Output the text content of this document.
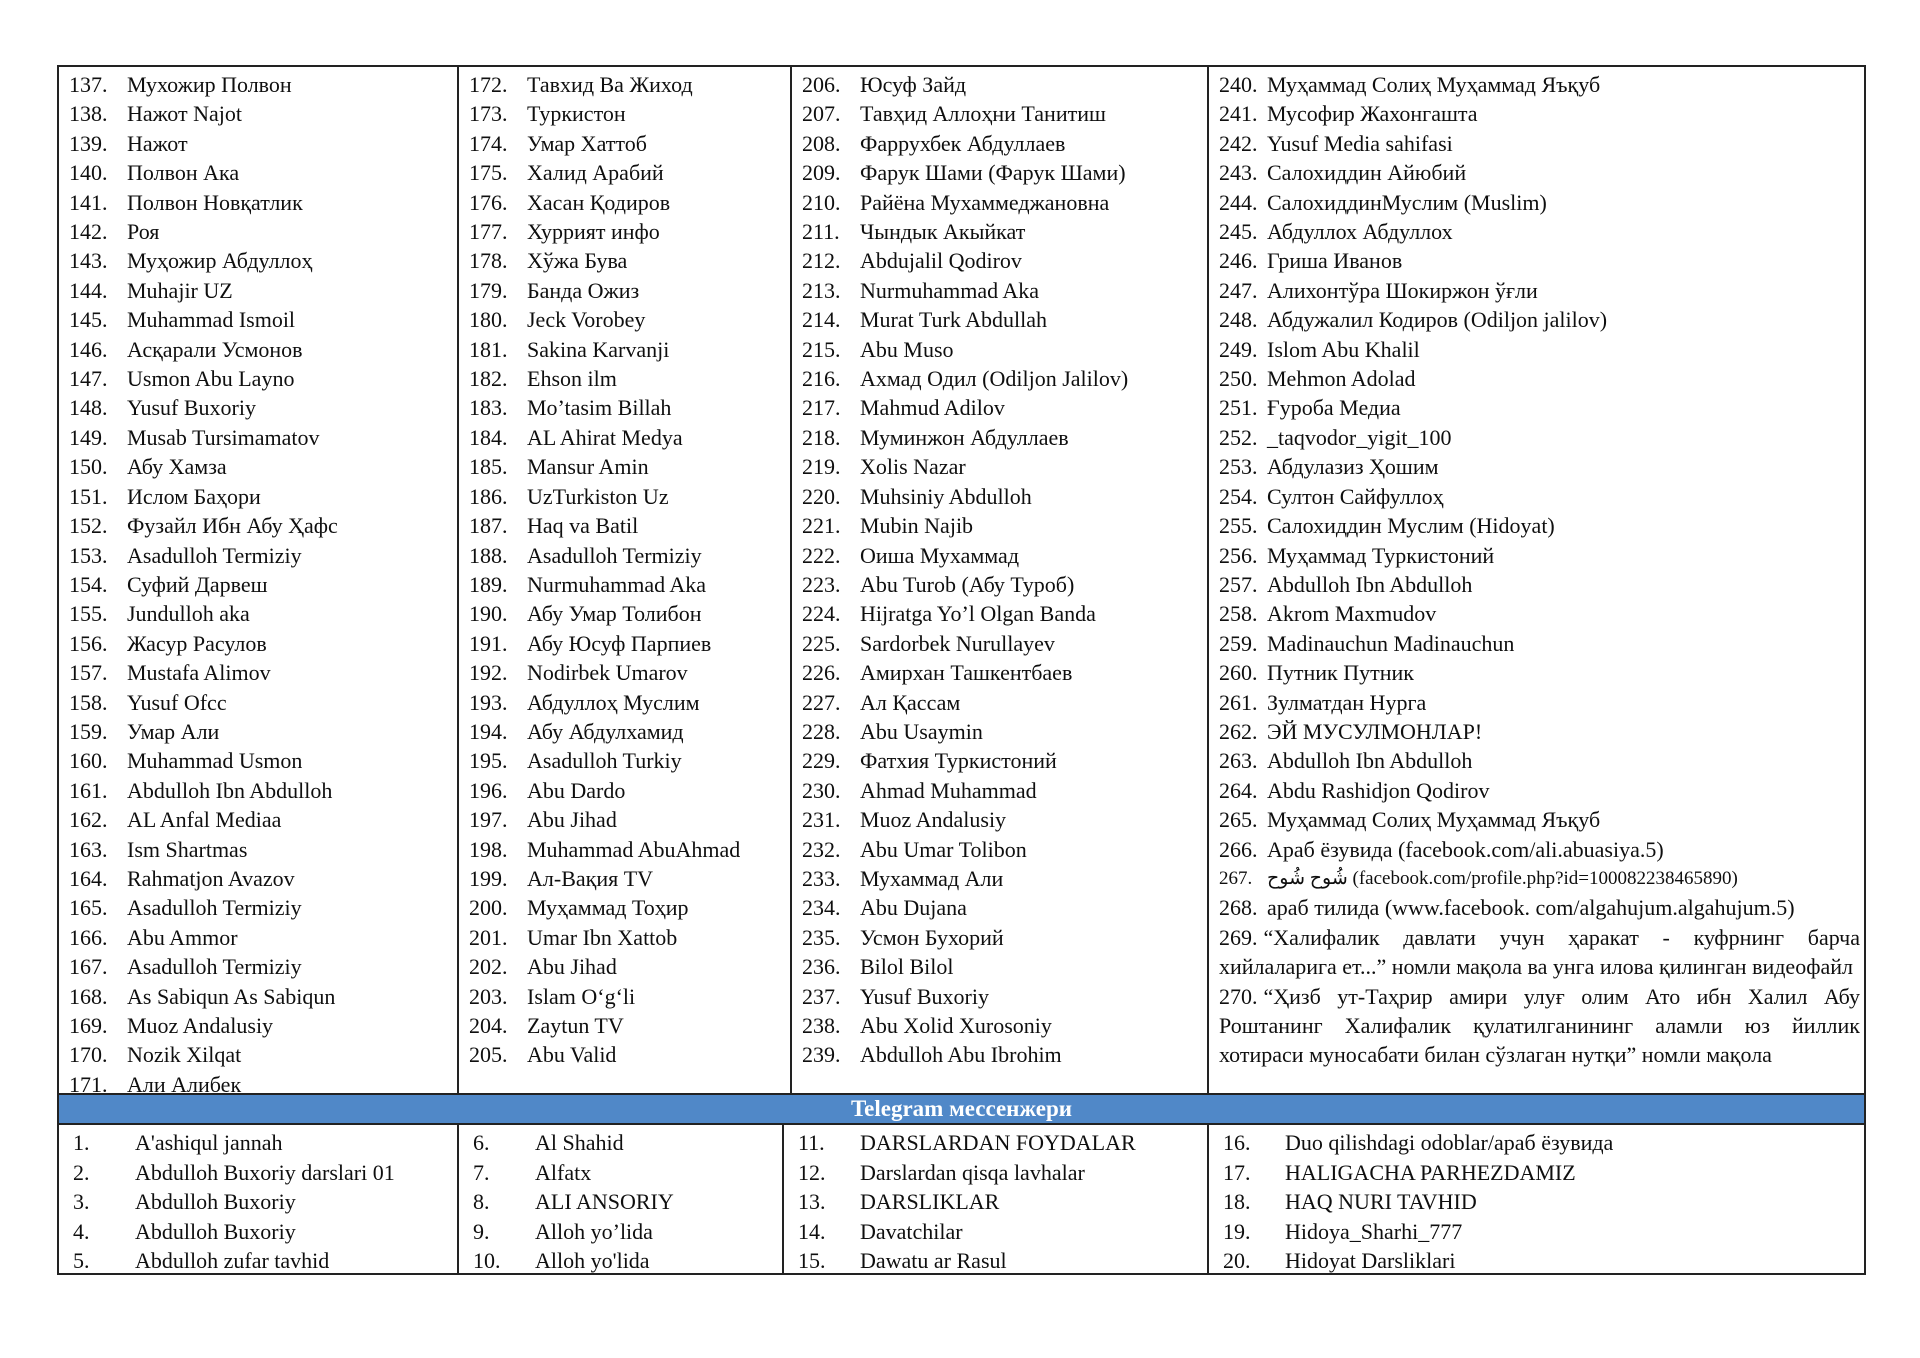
137. Мухожир Полвон
138. Нажот Najot
139. Нажот
140. Полвон Ака
141. Полвон Новқатлик
142. Роя
143. Муҳожир Абдуллоҳ
144. Muhajir UZ
145. Muhammad Ismoil
146. Асқарали Усмонов
147. Usmon Abu Layno
148. Yusuf Buxoriy
149. Musab Tursimamatov
150. Абу Хамза
151. Ислом Баҳори
152. Фузайл Ибн Абу Ҳафс
153. Asadulloh Termiziy
154. Суфий Дарвеш
155. Jundulloh aka
156. Жасур Расулов
157. Mustafa Alimov
158. Yusuf Ofcc
159. Умар Али
160. Muhammad Usmon
161. Abdulloh Ibn Abdulloh
162. AL Anfal Mediaa
163. Ism Shartmas
164. Rahmatjon Avazov
165. Asadulloh Termiziy
166. Abu Ammor
167. Asadulloh Termiziy
168. As Sabiqun As Sabiqun
169. Muoz Andalusiy
170. Nozik Xilqat
171. Али Алибек
172. Тавхид Ва Жиход
173. Туркистон
174. Умар Хаттоб
175. Халид Арабий
176. Хасан Қодиров
177. Хуррият инфо
178. Хўжа Бува
179. Банда Ожиз
180. Jeck Vorobey
181. Sakina Karvanji
182. Ehson ilm
183. Mo’tasim Billah
184. AL Ahirat Medya
185. Mansur Amin
186. UzTurkiston Uz
187. Haq va Batil
188. Asadulloh Termiziy
189. Nurmuhammad Aka
190. Абу Умар Толибон
191. Абу Юсуф Парпиев
192. Nodirbek Umarov
193. Абдуллоҳ Муслим
194. Абу Абдулхамид
195. Asadulloh Turkiy
196. Abu Dardo
197. Abu Jihad
198. Muhammad AbuAhmad
199. Ал-Вақия TV
200. Муҳаммад Тоҳир
201. Umar Ibn Xattob
202. Abu Jihad
203. Islam O‘g‘li
204. Zaytun TV
205. Abu Valid
206. Юсуф Зайд
207. Тавҳид Аллоҳни Танитиш
208. Фаррухбек Абдуллаев
209. Фарук Шами (Фарук Шами)
210. Райёна Мухаммеджановна
211. Чындык Акыйкат
212. Abdujalil Qodirov
213. Nurmuhammad Aka
214. Murat Turk Abdullah
215. Abu Muso
216. Ахмад Одил (Odiljon Jalilov)
217. Mahmud Adilov
218. Муминжон Абдуллаев
219. Xolis Nazar
220. Muhsiniy Abdulloh
221. Mubin Najib
222. Оиша Мухаммад
223. Abu Turob (Абу Туроб)
224. Hijratga Yo’l Olgan Banda
225. Sardorbek Nurullayev
226. Амирхан Ташкентбаев
227. Ал Қассам
228. Abu Usaymin
229. Фатхия Туркистоний
230. Ahmad Muhammad
231. Muoz Andalusiy
232. Abu Umar Tolibon
233. Мухаммад Али
234. Abu Dujana
235. Усмон Бухорий
236. Bilol Bilol
237. Yusuf Buxoriy
238. Abu Xolid Xurosoniy
239. Abdulloh Abu Ibrohim
240. Муҳаммад Солиҳ Муҳаммад Яъқуб
241. Мусофир Жахонгашта
242. Yusuf Media sahifasi
243. Салохиддин Айюбий
244. СалохиддинМуслим (Muslim)
245. Абдуллох Абдуллох
246. Гриша Иванов
247. Алихонтўра Шокиржон ўғли
248. Абдужалил Кодиров (Odiljon jalilov)
249. Islom Abu Khalil
250. Mehmon Adolad
251. Ғуроба Медиа
252. _taqvodor_yigit_100
253. Абдулазиз Ҳошим
254. Султон Сайфуллоҳ
255. Салохиддин Муслим (Hidoyat)
256. Муҳаммад Туркистоний
257. Abdulloh Ibn Abdulloh
258. Akrom Maxmudov
259. Madinauchun Madinauchun
260. Путник Путник
261. Зулматдан Нурга
262. ЭЙ МУСУЛМОНЛАР!
263. Abdulloh Ibn Abdulloh
264. Abdu Rashidjon Qodirov
265. Муҳаммад Солиҳ Муҳаммад Яъқуб
266. Араб ёзувида (facebook.com/ali.abuasiya.5)
267. شُوح شُوح (facebook.com/profile.php?id=100082238465890)
268. араб тилида (www.facebook. com/algahujum.algahujum.5)
269. “Халифалик давлати учун ҳаракат - куфрнинг барча хийлаларига ет...” номли мақола ва унга илова қилинган видеофайл
270. “Ҳизб ут-Таҳрир амири улуғ олим Ато ибн Халил Абу Роштанинг Халифалик қулатилганининг аламли юз йиллик хотираси муносабати билан сўзлаган нутқи” номли мақола
Telegram мессенжери
1. A'ashiqul jannah
2. Abdulloh Buxoriy darslari 01
3. Abdulloh Buxoriy
4. Abdulloh Buxoriy
5. Abdulloh zufar tavhid
6. Al Shahid
7. Alfatx
8. ALI ANSORIY
9. Alloh yo’lida
10. Alloh yo'lida
11. DARSLARDAN FOYDALAR
12. Darslardan qisqa lavhalar
13. DARSLIKLAR
14. Davatchilar
15. Dawatu ar Rasul
16. Duo qilishdagi odoblar/араб ёзувида
17. HALIGACHA PARHEZDAMIZ
18. HAQ NURI TAVHID
19. Hidoya_Sharhi_777
20. Hidoyat Darsliklari
